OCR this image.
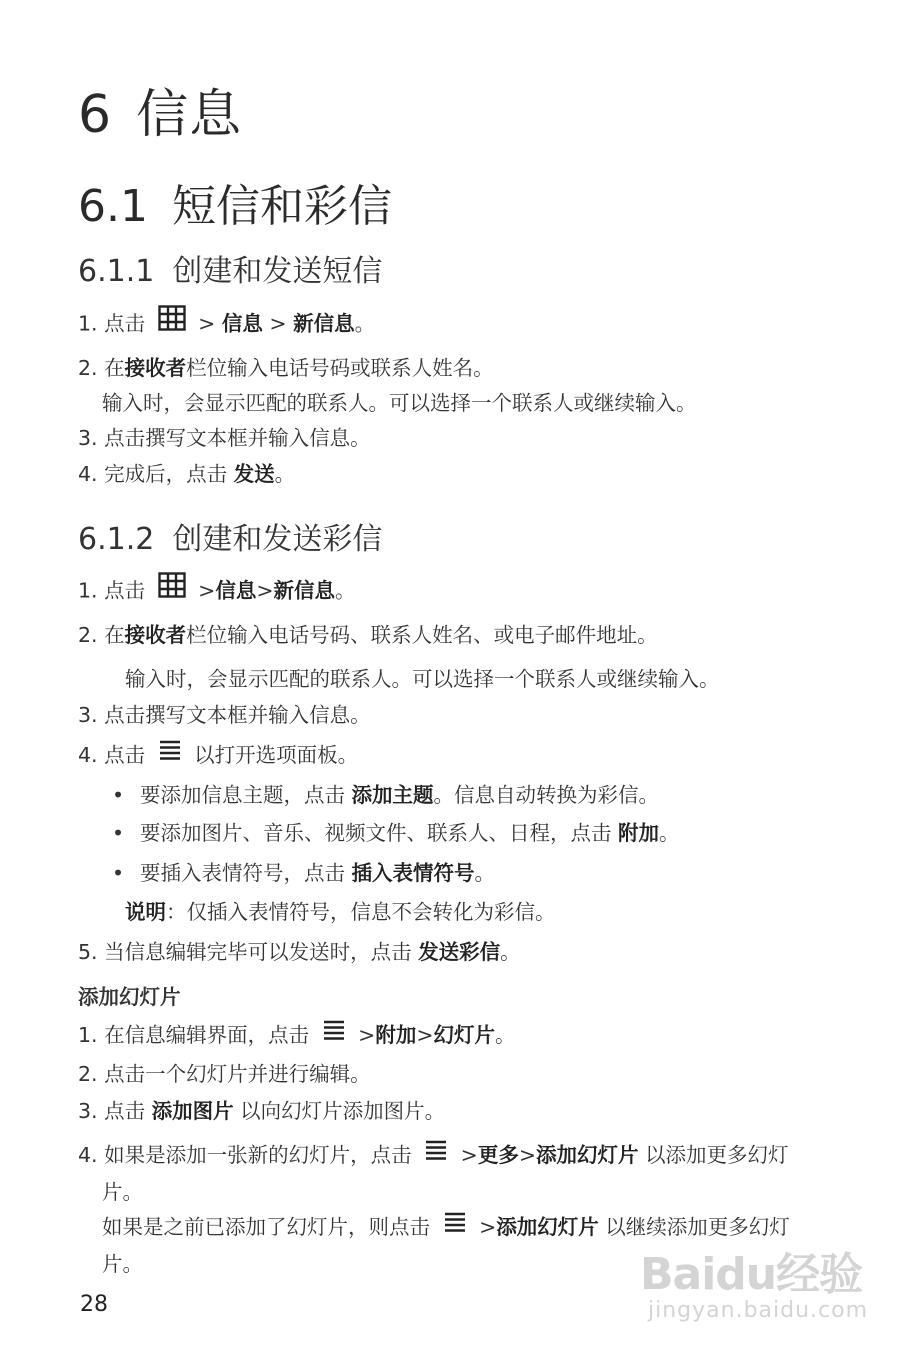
6 信息
6.1 短信和彩信
6.1.1 创建和发送短信
1. 点击	> 信息 > 新信息。
2. 在接收者栏位输入电话号码或联系人姓名。
输入时，会显示匹配的联系人。可以选择一个联系人或继续输入。
3. 点击撰写文本框并输入信息。
4. 完成后，点击 发送。
6.1.2 创建和发送彩信
1. 点击	>信息>新信息。
2. 在接收者栏位输入电话号码、联系人姓名、或电子邮件地址。
输入时，会显示匹配的联系人。可以选择一个联系人或继续输入。
3. 点击撰写文本框并输入信息。
4. 点击 以打开选项面板。
• 要添加信息主题，点击 添加主题。信息自动转换为彩信。
• 要添加图片、音乐、视频文件、联系人、日程，点击 附加。
• 要插入表情符号，点击 插入表情符号。
说明：仅插入表情符号，信息不会转化为彩信。
5. 当信息编辑完毕可以发送时，点击 发送彩信。
添加幻灯片
1. 在信息编辑界面，点击 >附加>幻灯片。
2. 点击一个幻灯片并进行编辑。
3. 点击 添加图片 以向幻灯片添加图片。
4. 如果是添加一张新的幻灯片，点击 >更多>添加幻灯片 以添加更多幻灯
片。
如果是之前已添加了幻灯片，则点击 >添加幻灯片 以继续添加更多幻灯
片。
28
Baidu经验
jingyan.baidu.com
